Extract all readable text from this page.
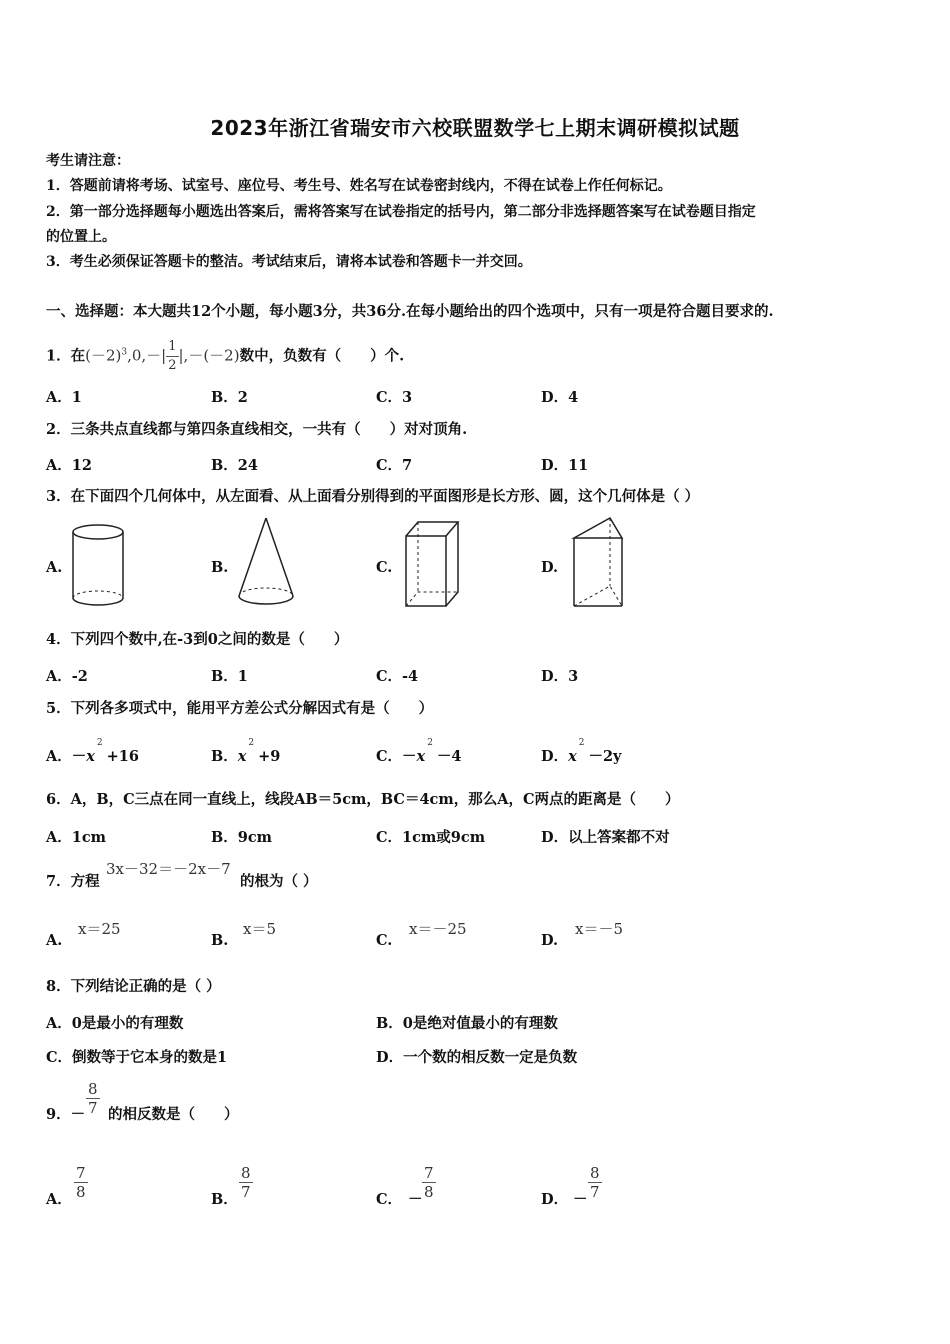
2023年浙江省瑞安市六校联盟数学七上期末调研模拟试题
考生请注意：
1．答题前请将考场、试室号、座位号、考生号、姓名写在试卷密封线内，不得在试卷上作任何标记。
2．第一部分选择题每小题选出答案后，需将答案写在试卷指定的括号内，第二部分非选择题答案写在试卷题目指定
的位置上。
3．考生必须保证答题卡的整洁。考试结束后，请将本试卷和答题卡一并交回。
一、选择题：本大题共12个小题，每小题3分，共36分.在每小题给出的四个选项中，只有一项是符合题目要求的.
1．在$(-2)^3,0,-| \frac{1}{2} |,-(-2)$数中，负数有（　　）个.
A．1	B．2	C．3	D．4
2．三条共点直线都与第四条直线相交，一共有（　　）对对顶角.
A．12	B．24	C．7	D．11
3．在下面四个几何体中，从左面看、从上面看分别得到的平面图形是长方形、圆，这个几何体是（ ）
A.	B.	C.	D.
4．下列四个数中,在-3到0之间的数是（　　）
A．-2	B．1	C．-4	D．3
5．下列各多项式中，能用平方差公式分解因式有是（　　）
A．$-x^2+16$	B．$x^2+9$	C．$-x^2-4$	D．$x^2-2y$
6．A，B，C三点在同一直线上，线段AB＝5cm，BC＝4cm，那么A，C两点的距离是（　　）
A．1cm	B．9cm	C．1cm或9cm	D．以上答案都不对
7．方程
3x－32＝－2x－7
的根为（ ）
A.
x＝25
B.
x＝5
C.
x＝－25
D.
x＝－5
8．下列结论正确的是（ ）
A．0是最小的有理数	B．0是绝对值最小的有理数
C．倒数等于它本身的数是1	D．一个数的相反数一定是负数
9．－ $\frac{8}{7}$ 的相反数是（　　）
A． $\frac{7}{8}$	B． $\frac{8}{7}$	C． － $\frac{7}{8}$	D． － $\frac{8}{7}$
